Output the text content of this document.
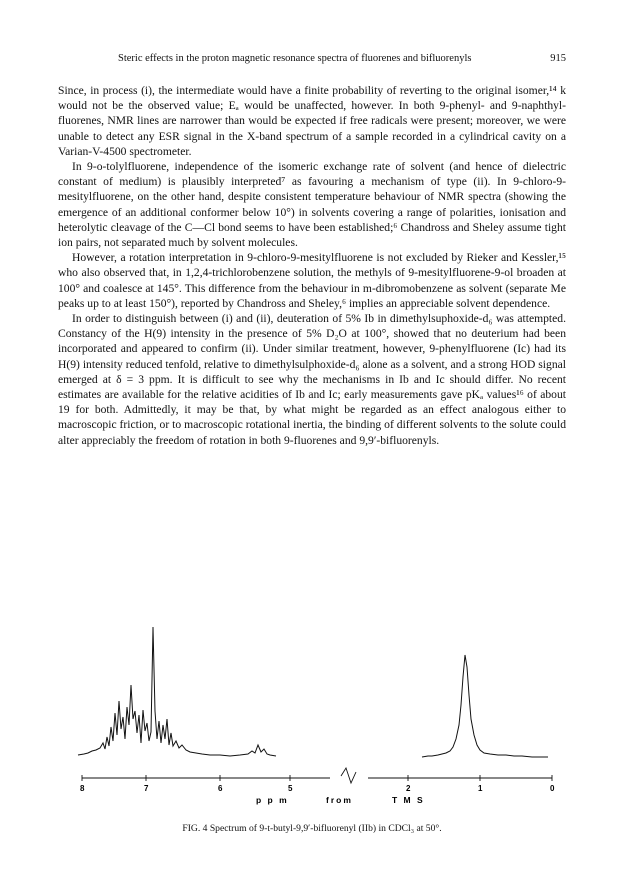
Steric effects in the proton magnetic resonance spectra of fluorenes and bifluorenyls	915

Since, in process (i), the intermediate would have a finite probability of reverting to the original isomer,¹⁴ k would not be the observed value; Eₐ would be unaffected, however. In both 9-phenyl- and 9-naphthyl-fluorenes, NMR lines are narrower than would be expected if free radicals were present; moreover, we were unable to detect any ESR signal in the X-band spectrum of a sample recorded in a cylindrical cavity on a Varian-V-4500 spectrometer.

In 9-o-tolylfluorene, independence of the isomeric exchange rate of solvent (and hence of dielectric constant of medium) is plausibly interpreted⁷ as favouring a mechanism of type (ii). In 9-chloro-9-mesitylfluorene, on the other hand, despite consistent temperature behaviour of NMR spectra (showing the emergence of an additional conformer below 10°) in solvents covering a range of polarities, ionisation and heterolytic cleavage of the C—Cl bond seems to have been established;⁶ Chandross and Sheley assume tight ion pairs, not separated much by solvent molecules.

However, a rotation interpretation in 9-chloro-9-mesitylfluorene is not excluded by Rieker and Kessler,¹⁵ who also observed that, in 1,2,4-trichlorobenzene solution, the methyls of 9-mesitylfluorene-9-ol broaden at 100° and coalesce at 145°. This difference from the behaviour in m-dibromobenzene as solvent (separate Me peaks up to at least 150°), reported by Chandross and Sheley,⁶ implies an appreciable solvent dependence.

In order to distinguish between (i) and (ii), deuteration of 5% Ib in dimethylsuphoxide-d₆ was attempted. Constancy of the H(9) intensity in the presence of 5% D₂O at 100°, showed that no deuterium had been incorporated and appeared to confirm (ii). Under similar treatment, however, 9-phenylfluorene (Ic) had its H(9) intensity reduced tenfold, relative to dimethylsulphoxide-d₆ alone as a solvent, and a strong HOD signal emerged at δ = 3 ppm. It is difficult to see why the mechanisms in Ib and Ic should differ. No recent estimates are available for the relative acidities of Ib and Ic; early measurements gave pKₐ values¹⁶ of about 19 for both. Admittedly, it may be that, by what might be regarded as an effect analogous either to macroscopic friction, or to macroscopic rotational inertia, the binding of different solvents to the solute could alter appreciably the freedom of rotation in both 9-fluorenes and 9,9′-bifluorenyls.

8	7	6	5	2	1	0
p p m	from	T M S
FIG. 4 Spectrum of 9-t-butyl-9,9′-bifluorenyl (IIb) in CDCl₃ at 50°.
